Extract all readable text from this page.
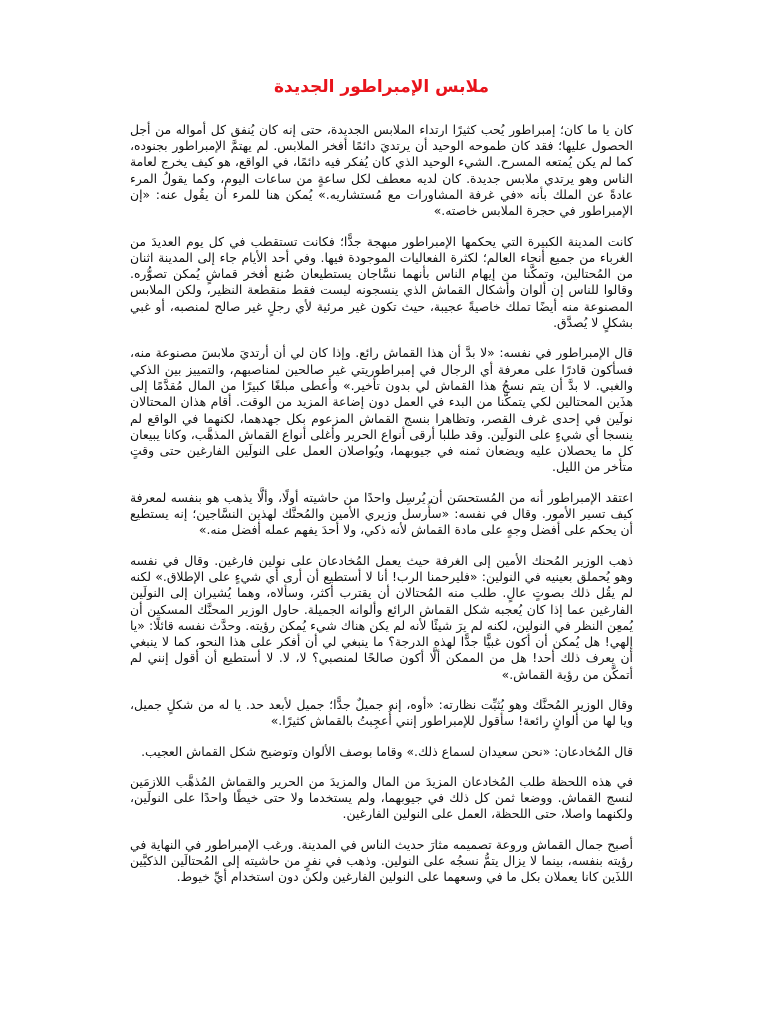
ملابس الإمبراطور الجديدة

كان يا ما كان؛ إمبراطور يُحب كثيرًا ارتداء الملابس الجديدة، حتى إنه كان يُنفق كل أمواله من أجل الحصول عليها؛ فقد كان طموحه الوحيد أن يرتديَ دائمًا أفخر الملابس. لم يهتمَّ الإمبراطور بجنوده، كما لم يكن يُمتعه المسرح. الشيء الوحيد الذي كان يُفكر فيه دائمًا، في الواقع، هو كيف يخرج لعامة الناس وهو يرتدي ملابس جديدة. كان لديه معطف لكل ساعةٍ من ساعات اليوم، وكما يقولُ المرء عادةً عن الملك بأنه «في غرفة المشاورات مع مُستشاريه.» يُمكن هنا للمرء أن يقُول عنه: «إن الإمبراطور في حجرة الملابس خاصته.»

كانت المدينة الكبيرة التي يحكمها الإمبراطور مبهجة جدًّا؛ فكانت تستقطب في كل يوم العديدَ من الغرباء من جميع أنحاء العالم؛ لكثرة الفعاليات الموجودة فيها. وفي أحد الأيام جاء إلى المدينة اثنان من المُحتالين، وتمكَّنا من إيهام الناس بأنهما نسَّاجان يستطيعان صُنع أفخر قماشٍ يُمكن تصوُّره. وقالوا للناس إن ألوان وأشكال القماش الذي ينسجونه ليست فقط منقطعة النظير، ولكن الملابس المصنوعة منه أيضًا تملك خاصيةً عجيبة، حيث تكون غير مرئية لأي رجلٍ غير صالح لمنصبه، أو غبي بشكلٍ لا يُصدَّق.

قال الإمبراطور في نفسه: «لا بدَّ أن هذا القماش رائع. وإذا كان لي أن أرتديَ ملابسَ مصنوعة منه، فسأكون قادرًا على معرفة أي الرجال في إمبراطوريتي غير صالحين لمناصبهم، والتمييز بين الذكي والغبي. لا بدَّ أن يتم نسجُ هذا القماش لي بدون تأخير.» وأعطى مبلغًا كبيرًا من المال مُقدَّمًا إلى هذَين المحتالين لكي يتمكَّنا من البدء في العمل دون إضاعة المزيد من الوقت. أقام هذان المحتالان نولَين في إحدى غرف القصر، وتظاهرا بنسج القماش المزعوم بكل جهدهما، لكنهما في الواقع لم ينسجا أي شيءٍ على النولَين. وقد طلبا أرقى أنواع الحرير وأغلى أنواع القماش المذهَّب، وكانا يبيعان كل ما يحصلان عليه ويضعان ثمنه في جيوبهما، ويُواصلان العمل على النولَين الفارغين حتى وقتٍ متأخر من الليل.

اعتقد الإمبراطور أنه من المُستحسَن أن يُرسِل واحدًا من حاشيته أولًا، وألَّا يذهب هو بنفسه لمعرفة كيف تسير الأمور. وقال في نفسه: «سأُرسل وزيري الأمين والمُحنَّك لهذين النسَّاجين؛ إنه يستطيع أن يحكم على أفضل وجهٍ على مادة القماش لأنه ذكي، ولا أحدَ يفهم عمله أفضل منه.»

ذهب الوزير المُحنك الأمين إلى الغرفة حيث يعمل المُخادعان على نولين فارغين. وقال في نفسه وهو يُحملق بعينيه في النولين: «فليرحمنا الرب! أنا لا أستطيع أن أرى أي شيءٍ على الإطلاق.» لكنه لم يقُل ذلك بصوتٍ عالٍ. طلب منه المُحتالان أن يقترب أكثر، وسألاه، وهما يُشيران إلى النولَين الفارغين عما إذا كان يُعجبه شكل القماش الرائع وألوانه الجميلة. حاول الوزير المحنَّك المسكين أن يُمعِن النظر في النولين، لكنه لم يرَ شيئًا لأنه لم يكن هناك شيء يُمكن رؤيته. وحدَّث نفسه قائلًا: «يا إلهي! هل يُمكن أن أكون غبيًّا جدًّا لهذه الدرجة؟ ما ينبغي لي أن أفكر على هذا النحو، كما لا ينبغي أن يعرف ذلك أحد! هل من الممكن ألَّا أكون صالحًا لمنصبي؟ لا، لا. لا أستطيع أن أقول إنني لم أتمكَّن من رؤية القماش.»

وقال الوزير المُحنَّك وهو يُثبِّت نظارته: «أوه، إنه جميلٌ جدًّا؛ جميل لأبعد حد. يا له من شكلٍ جميل، ويا لها من ألوانٍ رائعة! سأقول للإمبراطور إنني أُعجِبتُ بالقماش كثيرًا.»

قال المُخادعان: «نحن سعيدان لسماع ذلك.» وقاما بوصف الألوان وتوضيح شكل القماش العجيب.

في هذه اللحظة طلب المُخادعان المزيدَ من المال والمزيدَ من الحرير والقماش المُذهَّب اللازمَين لنسج القماش. ووضعا ثمن كل ذلك في جيوبهما، ولم يستخدما ولا حتى خيطًا واحدًا على النولَين، ولكنهما واصلا، حتى اللحظة، العمل على النولين الفارغين.

أصبح جمال القماش وروعة تصميمه مثارَ حديث الناس في المدينة. ورغب الإمبراطور في النهاية في رؤيته بنفسه، بينما لا يزال يتمُّ نسجُه على النولين. وذهب في نفرٍ من حاشيته إلى المُحتالَين الذكيَّين اللذَين كانا يعملان بكل ما في وسعهما على النولين الفارغين ولكن دون استخدام أيِّ خيوط.
